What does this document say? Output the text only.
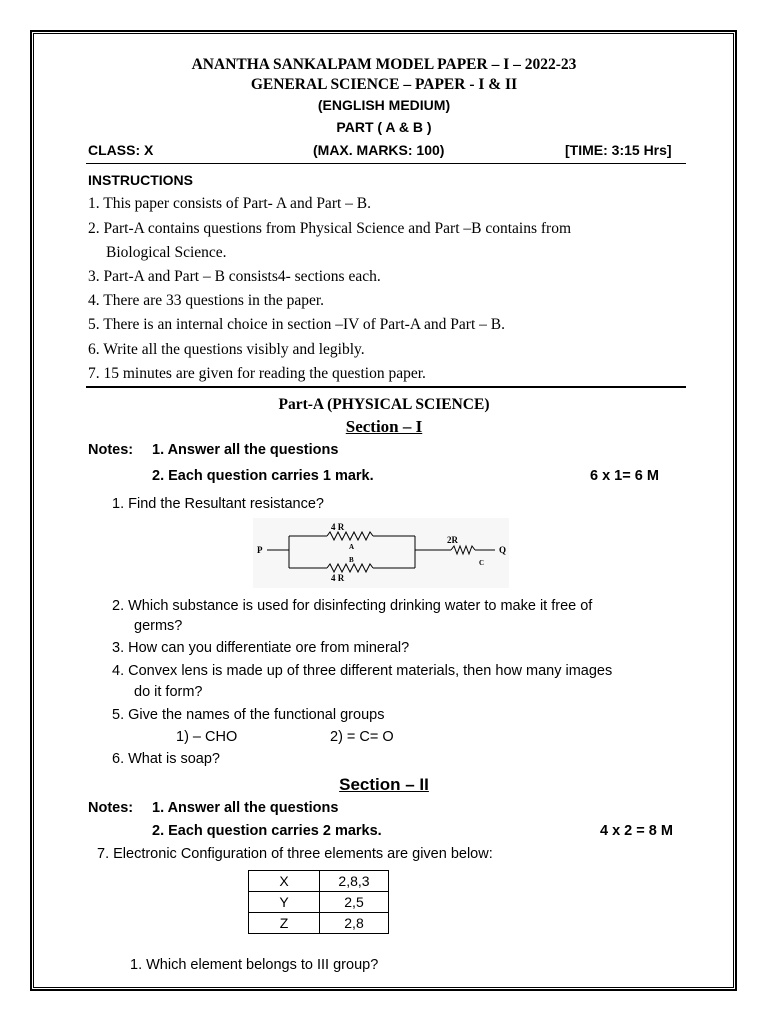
ANANTHA SANKALPAM MODEL PAPER – I – 2022-23
GENERAL SCIENCE – PAPER - I & II
(ENGLISH MEDIUM)
PART ( A & B )
CLASS: X	(MAX. MARKS: 100)	[TIME: 3:15 Hrs]
INSTRUCTIONS
1. This paper consists of Part- A and Part – B.
2. Part-A contains questions from Physical Science and Part –B contains from
Biological Science.
3. Part-A and Part – B consists4- sections each.
4. There are 33 questions in the paper.
5. There is an internal choice in section –IV of Part-A and Part – B.
6. Write all the questions visibly and legibly.
7. 15 minutes are given for reading the question paper.
Part-A (PHYSICAL SCIENCE)
Section – I
Notes: 1. Answer all the questions
2. Each question carries 1 mark.	6 x 1= 6 M
1. Find the Resultant resistance?
P	Q
4 R
4 R
A
B
2R
C
2. Which substance is used for disinfecting drinking water to make it free of
germs?
3. How can you differentiate ore from mineral?
4. Convex lens is made up of three different materials, then how many images
do it form?
5. Give the names of the functional groups
1) – CHO	2) = C= O
6. What is soap?
Section – II
Notes: 1. Answer all the questions
2. Each question carries 2 marks.	4 x 2 = 8 M
7. Electronic Configuration of three elements are given below:
X	2,8,3
Y	2,5
Z	2,8
1. Which element belongs to III group?
